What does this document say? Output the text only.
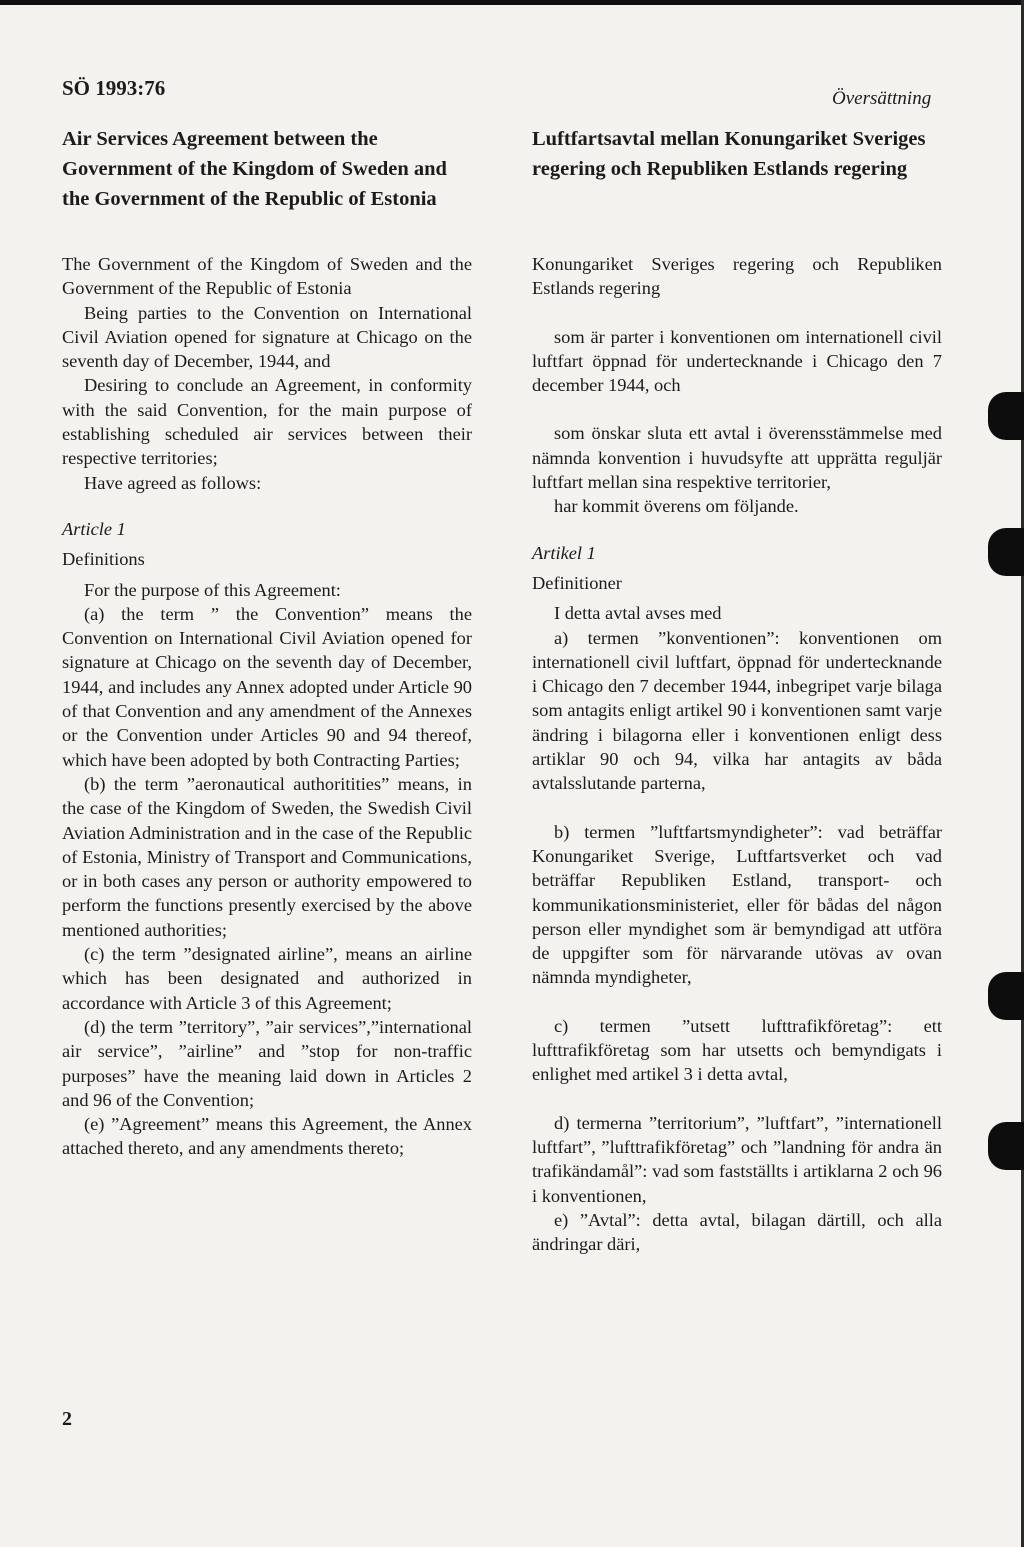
SÖ 1993:76	Översättning
Air Services Agreement between the Government of the Kingdom of Sweden and the Government of the Republic of Estonia

The Government of the Kingdom of Sweden and the Government of the Republic of Estonia

Being parties to the Convention on International Civil Aviation opened for signature at Chicago on the seventh day of December, 1944, and

Desiring to conclude an Agreement, in conformity with the said Convention, for the main purpose of establishing scheduled air services between their respective territories;

Have agreed as follows:

Article 1

Definitions

For the purpose of this Agreement:

(a) the term ” the Convention” means the Convention on International Civil Aviation opened for signature at Chicago on the seventh day of December, 1944, and includes any Annex adopted under Article 90 of that Convention and any amendment of the Annexes or the Convention under Articles 90 and 94 thereof, which have been adopted by both Contracting Parties;

(b) the term ”aeronautical authoritities” means, in the case of the Kingdom of Sweden, the Swedish Civil Aviation Administration and in the case of the Republic of Estonia, Ministry of Transport and Communications, or in both cases any person or authority empowered to perform the functions presently exercised by the above mentioned authorities;

(c) the term ”designated airline”, means an airline which has been designated and authorized in accordance with Article 3 of this Agreement;

(d) the term ”territory”, ”air services”,”international air service”, ”airline” and ”stop for non-traffic purposes” have the meaning laid down in Articles 2 and 96 of the Convention;

(e) ”Agreement” means this Agreement, the Annex attached thereto, and any amendments thereto;

Luftfartsavtal mellan Konungariket Sveriges regering och Republiken Estlands regering

Konungariket Sveriges regering och Republiken Estlands regering

som är parter i konventionen om internationell civil luftfart öppnad för undertecknande i Chicago den 7 december 1944, och

som önskar sluta ett avtal i överensstämmelse med nämnda konvention i huvudsyfte att upprätta reguljär luftfart mellan sina respektive territorier,

har kommit överens om följande.

Artikel 1

Definitioner

I detta avtal avses med

a) termen ”konventionen”: konventionen om internationell civil luftfart, öppnad för undertecknande i Chicago den 7 december 1944, inbegripet varje bilaga som antagits enligt artikel 90 i konventionen samt varje ändring i bilagorna eller i konventionen enligt dess artiklar 90 och 94, vilka har antagits av båda avtalsslutande parterna,

b) termen ”luftfartsmyndigheter”: vad beträffar Konungariket Sverige, Luftfartsverket och vad beträffar Republiken Estland, transport- och kommunikationsministeriet, eller för bådas del någon person eller myndighet som är bemyndigad att utföra de uppgifter som för närvarande utövas av ovan nämnda myndigheter,

c) termen ”utsett lufttrafikföretag”: ett lufttrafikföretag som har utsetts och bemyndigats i enlighet med artikel 3 i detta avtal,

d) termerna ”territorium”, ”luftfart”, ”internationell luftfart”, ”lufttrafikföretag” och ”landning för andra än trafikändamål”: vad som fastställts i artiklarna 2 och 96 i konventionen,

e) ”Avtal”: detta avtal, bilagan därtill, och alla ändringar däri,

2
